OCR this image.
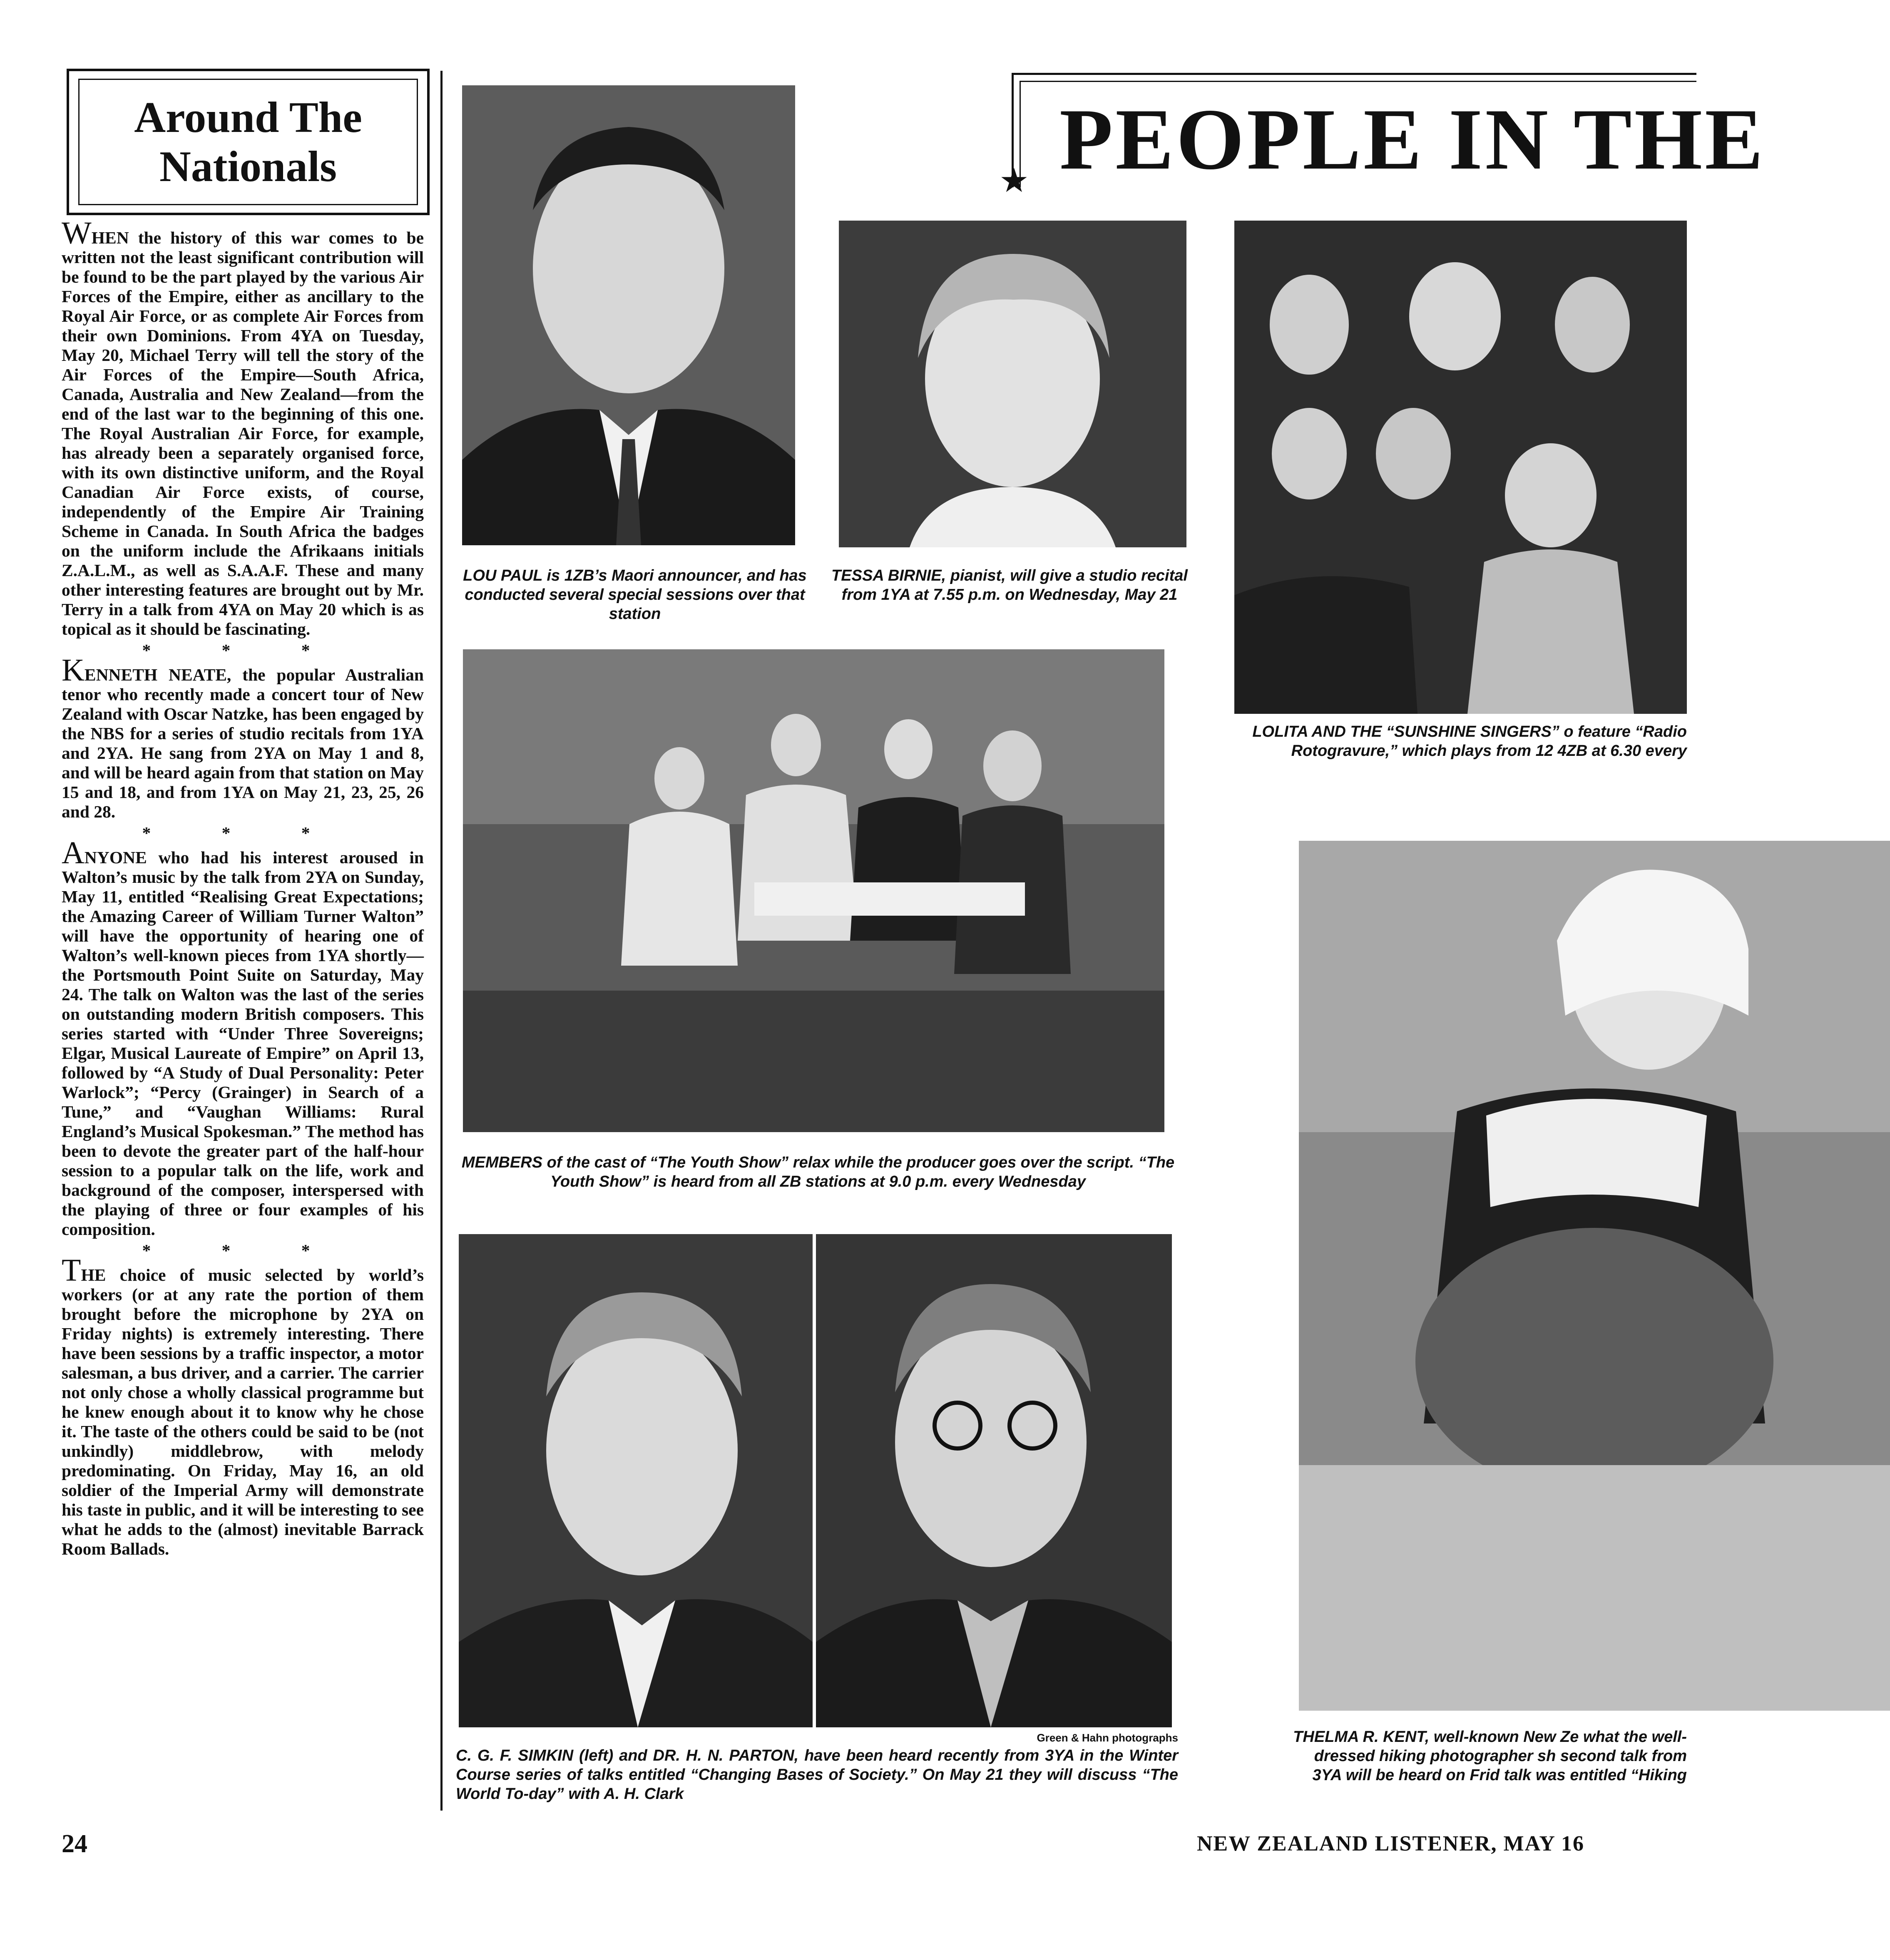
Around The
Nationals

WHEN the history of this war comes to be written not the least significant contribution will be found to be the part played by the various Air Forces of the Empire, either as ancillary to the Royal Air Force, or as complete Air Forces from their own Dominions. From 4YA on Tuesday, May 20, Michael Terry will tell the story of the Air Forces of the Empire—South Africa, Canada, Australia and New Zealand—from the end of the last war to the beginning of this one. The Royal Australian Air Force, for example, has already been a separately organised force, with its own distinctive uniform, and the Royal Canadian Air Force exists, of course, independently of the Empire Air Training Scheme in Canada. In South Africa the badges on the uniform include the Afrikaans initials Z.A.L.M., as well as S.A.A.F. These and many other interesting features are brought out by Mr. Terry in a talk from 4YA on May 20 which is as topical as it should be fascinating.

* * *

KENNETH NEATE, the popular Australian tenor who recently made a concert tour of New Zealand with Oscar Natzke, has been engaged by the NBS for a series of studio recitals from 1YA and 2YA. He sang from 2YA on May 1 and 8, and will be heard again from that station on May 15 and 18, and from 1YA on May 21, 23, 25, 26 and 28.

* * *

ANYONE who had his interest aroused in Walton’s music by the talk from 2YA on Sunday, May 11, entitled “Realising Great Expectations; the Amazing Career of William Turner Walton” will have the opportunity of hearing one of Walton’s well-known pieces from 1YA shortly—the Portsmouth Point Suite on Saturday, May 24. The talk on Walton was the last of the series on outstanding modern British composers. This series started with “Under Three Sovereigns; Elgar, Musical Laureate of Empire” on April 13, followed by “A Study of Dual Personality: Peter Warlock”; “Percy (Grainger) in Search of a Tune,” and “Vaughan Williams: Rural England’s Musical Spokesman.” The method has been to devote the greater part of the half-hour session to a popular talk on the life, work and background of the composer, interspersed with the playing of three or four examples of his composition.

* * *

THE choice of music selected by world’s workers (or at any rate the portion of them brought before the microphone by 2YA on Friday nights) is extremely interesting. There have been sessions by a traffic inspector, a motor salesman, a bus driver, and a carrier. The carrier not only chose a wholly classical programme but he knew enough about it to know why he chose it. The taste of the others could be said to be (not unkindly) middlebrow, with melody predominating. On Friday, May 16, an old soldier of the Imperial Army will demonstrate his taste in public, and it will be interesting to see what he adds to the (almost) inevitable Barrack Room Ballads.

★ PEOPLE IN THE
LOU PAUL is 1ZB’s Maori announcer, and has conducted several special sessions over that station
TESSA BIRNIE, pianist, will give a studio recital from 1YA at 7.55 p.m. on Wednesday, May 21
LOLITA AND THE “SUNSHINE SINGERS” o feature “Radio Rotogravure,” which plays from 12 4ZB at 6.30 every
MEMBERS of the cast of “The Youth Show” relax while the producer goes over the script. “The Youth Show” is heard from all ZB stations at 9.0 p.m. every Wednesday
Green & Hahn photographs
C. G. F. SIMKIN (left) and DR. H. N. PARTON, have been heard recently from 3YA in the Winter Course series of talks entitled “Changing Bases of Society.” On May 21 they will discuss “The World To-day” with A. H. Clark
THELMA R. KENT, well-known New Ze what the well-dressed hiking photographer sh second talk from 3YA will be heard on Frid talk was entitled “Hiking
24	NEW ZEALAND LISTENER, MAY 16
